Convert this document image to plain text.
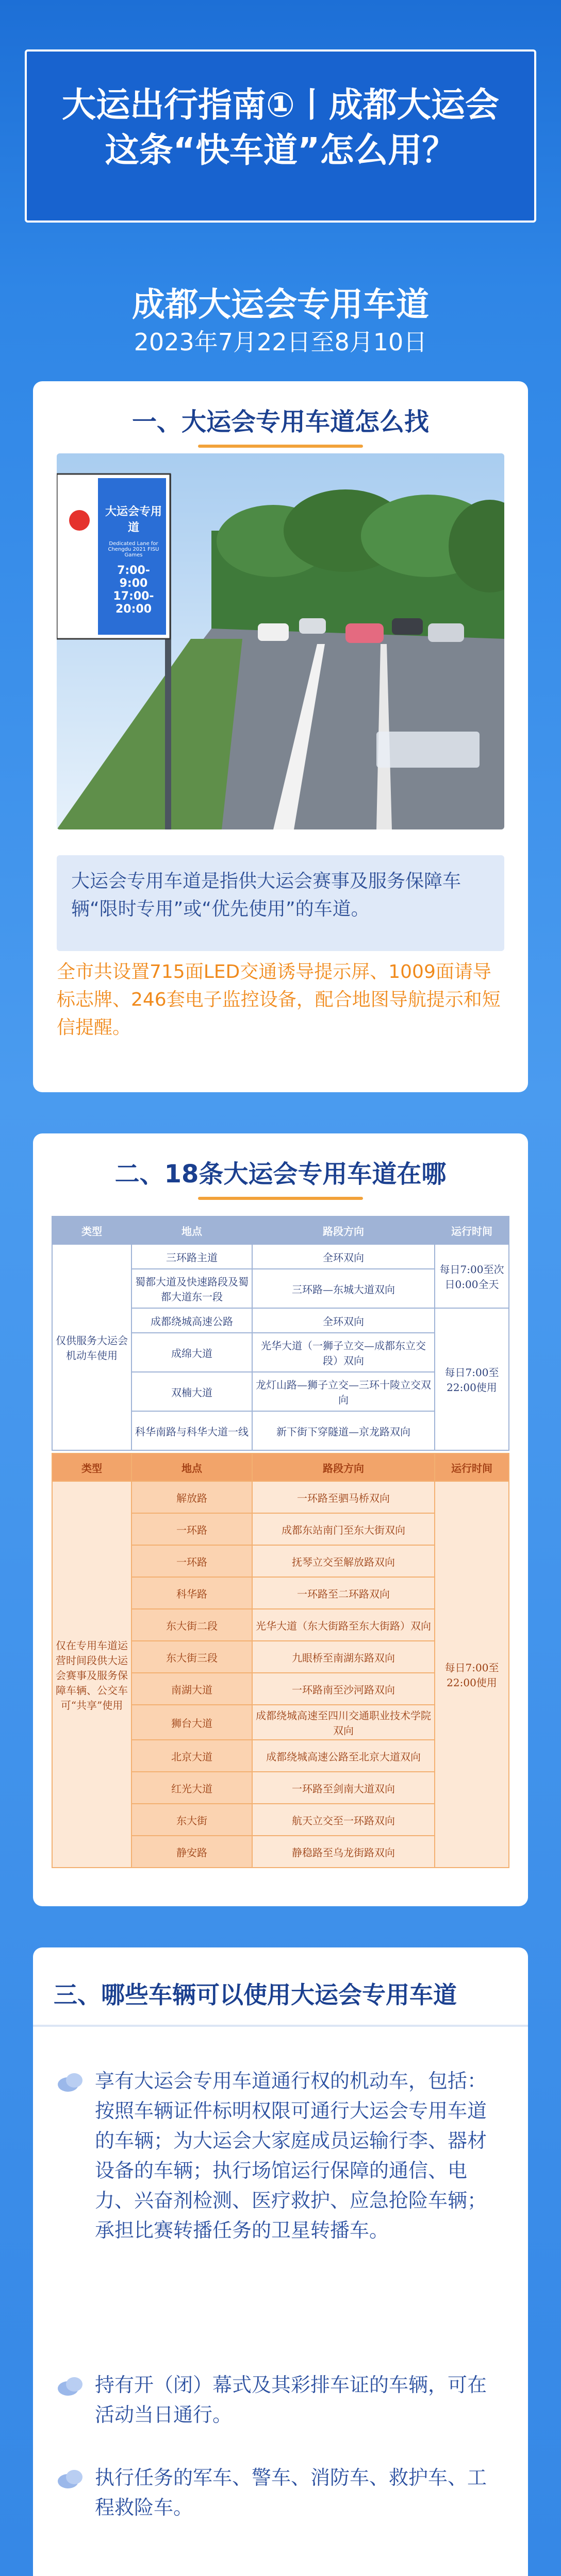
大运出行指南①丨成都大运会
这条“快车道”怎么用？
成都大运会专用车道
2023年7月22日至8月10日
一、大运会专用车道怎么找
大运会专用道
Dedicated Lane for
Chengdu 2021 FISU Games
7:00-9:00
17:00-20:00
大运会专用车道是指供大运会赛事及服务保障车辆“限时专用”或“优先使用”的车道。
全市共设置715面LED交通诱导提示屏、1009面请导标志牌、246套电子监控设备，配合地图导航提示和短信提醒。
二、18条大运会专用车道在哪
类型	地点	路段方向	运行时间
仅供服务大运会机动车使用	三环路主道	全环双向	每日7:00至次日0:00全天
	蜀都大道及快速路段及蜀都大道东一段	三环路—东城大道双向	
	成都绕城高速公路	全环双向	每日7:00至22:00使用
	成绵大道	光华大道（一狮子立交—成都东立交段）双向	
	双楠大道	龙灯山路—狮子立交—三环十陵立交双向	
	科华南路与科华大道一线	新下街下穿隧道—京龙路双向	
类型	地点	路段方向	运行时间
仅在专用车道运营时间段供大运会赛事及服务保障车辆、公交车可“共享”使用	解放路	一环路至驷马桥双向	每日7:00至22:00使用
	一环路	成都东站南门至东大街双向	
	一环路	抚琴立交至解放路双向	
	科华路	一环路至二环路双向	
	东大街二段	光华大道（东大街路至东大街路）双向	
	东大街三段	九眼桥至南湖东路双向	
	南湖大道	一环路南至沙河路双向	
	狮台大道	成都绕城高速至四川交通职业技术学院双向	
	北京大道	成都绕城高速公路至北京大道双向	
	红光大道	一环路至剑南大道双向	
	东大街	航天立交至一环路双向	
	静安路	静稳路至乌龙街路双向	
三、哪些车辆可以使用大运会专用车道
享有大运会专用车道通行权的机动车，包括：按照车辆证件标明权限可通行大运会专用车道的车辆；为大运会大家庭成员运输行李、器材设备的车辆；执行场馆运行保障的通信、电力、兴奋剂检测、医疗救护、应急抢险车辆；承担比赛转播任务的卫星转播车。
持有开（闭）幕式及其彩排车证的车辆，可在活动当日通行。
执行任务的军车、警车、消防车、救护车、工程救险车。
